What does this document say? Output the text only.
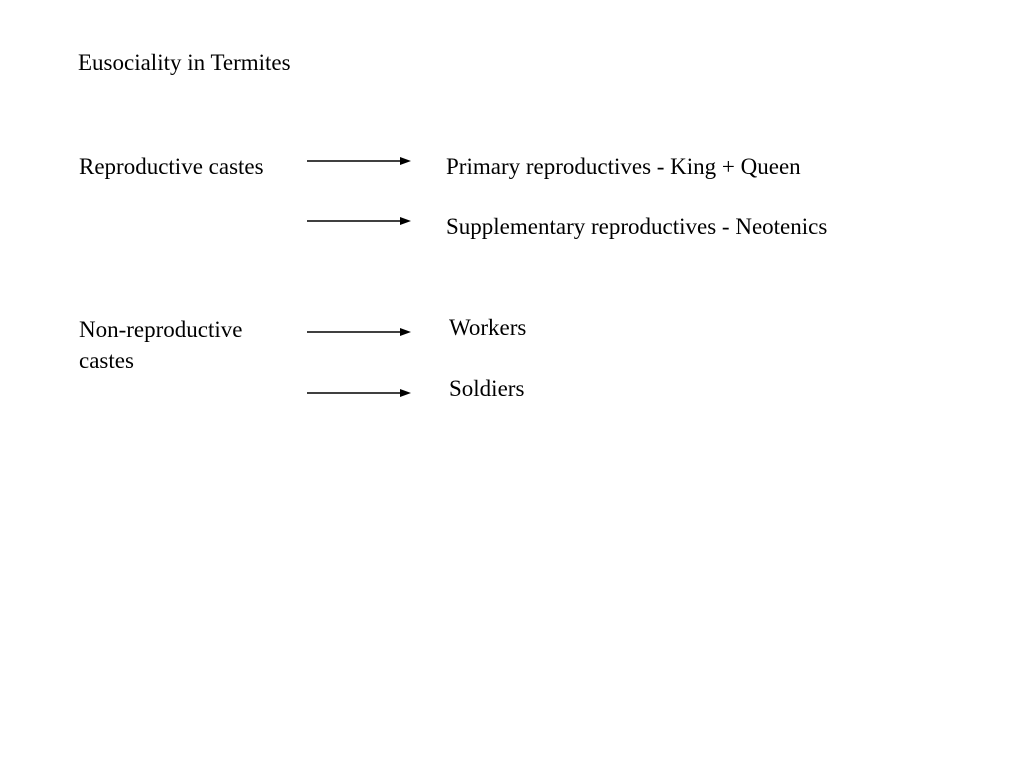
Eusociality in Termites
Reproductive castes
Non-reproductive
castes
Primary reproductives - King + Queen
Supplementary reproductives - Neotenics
Workers
Soldiers
